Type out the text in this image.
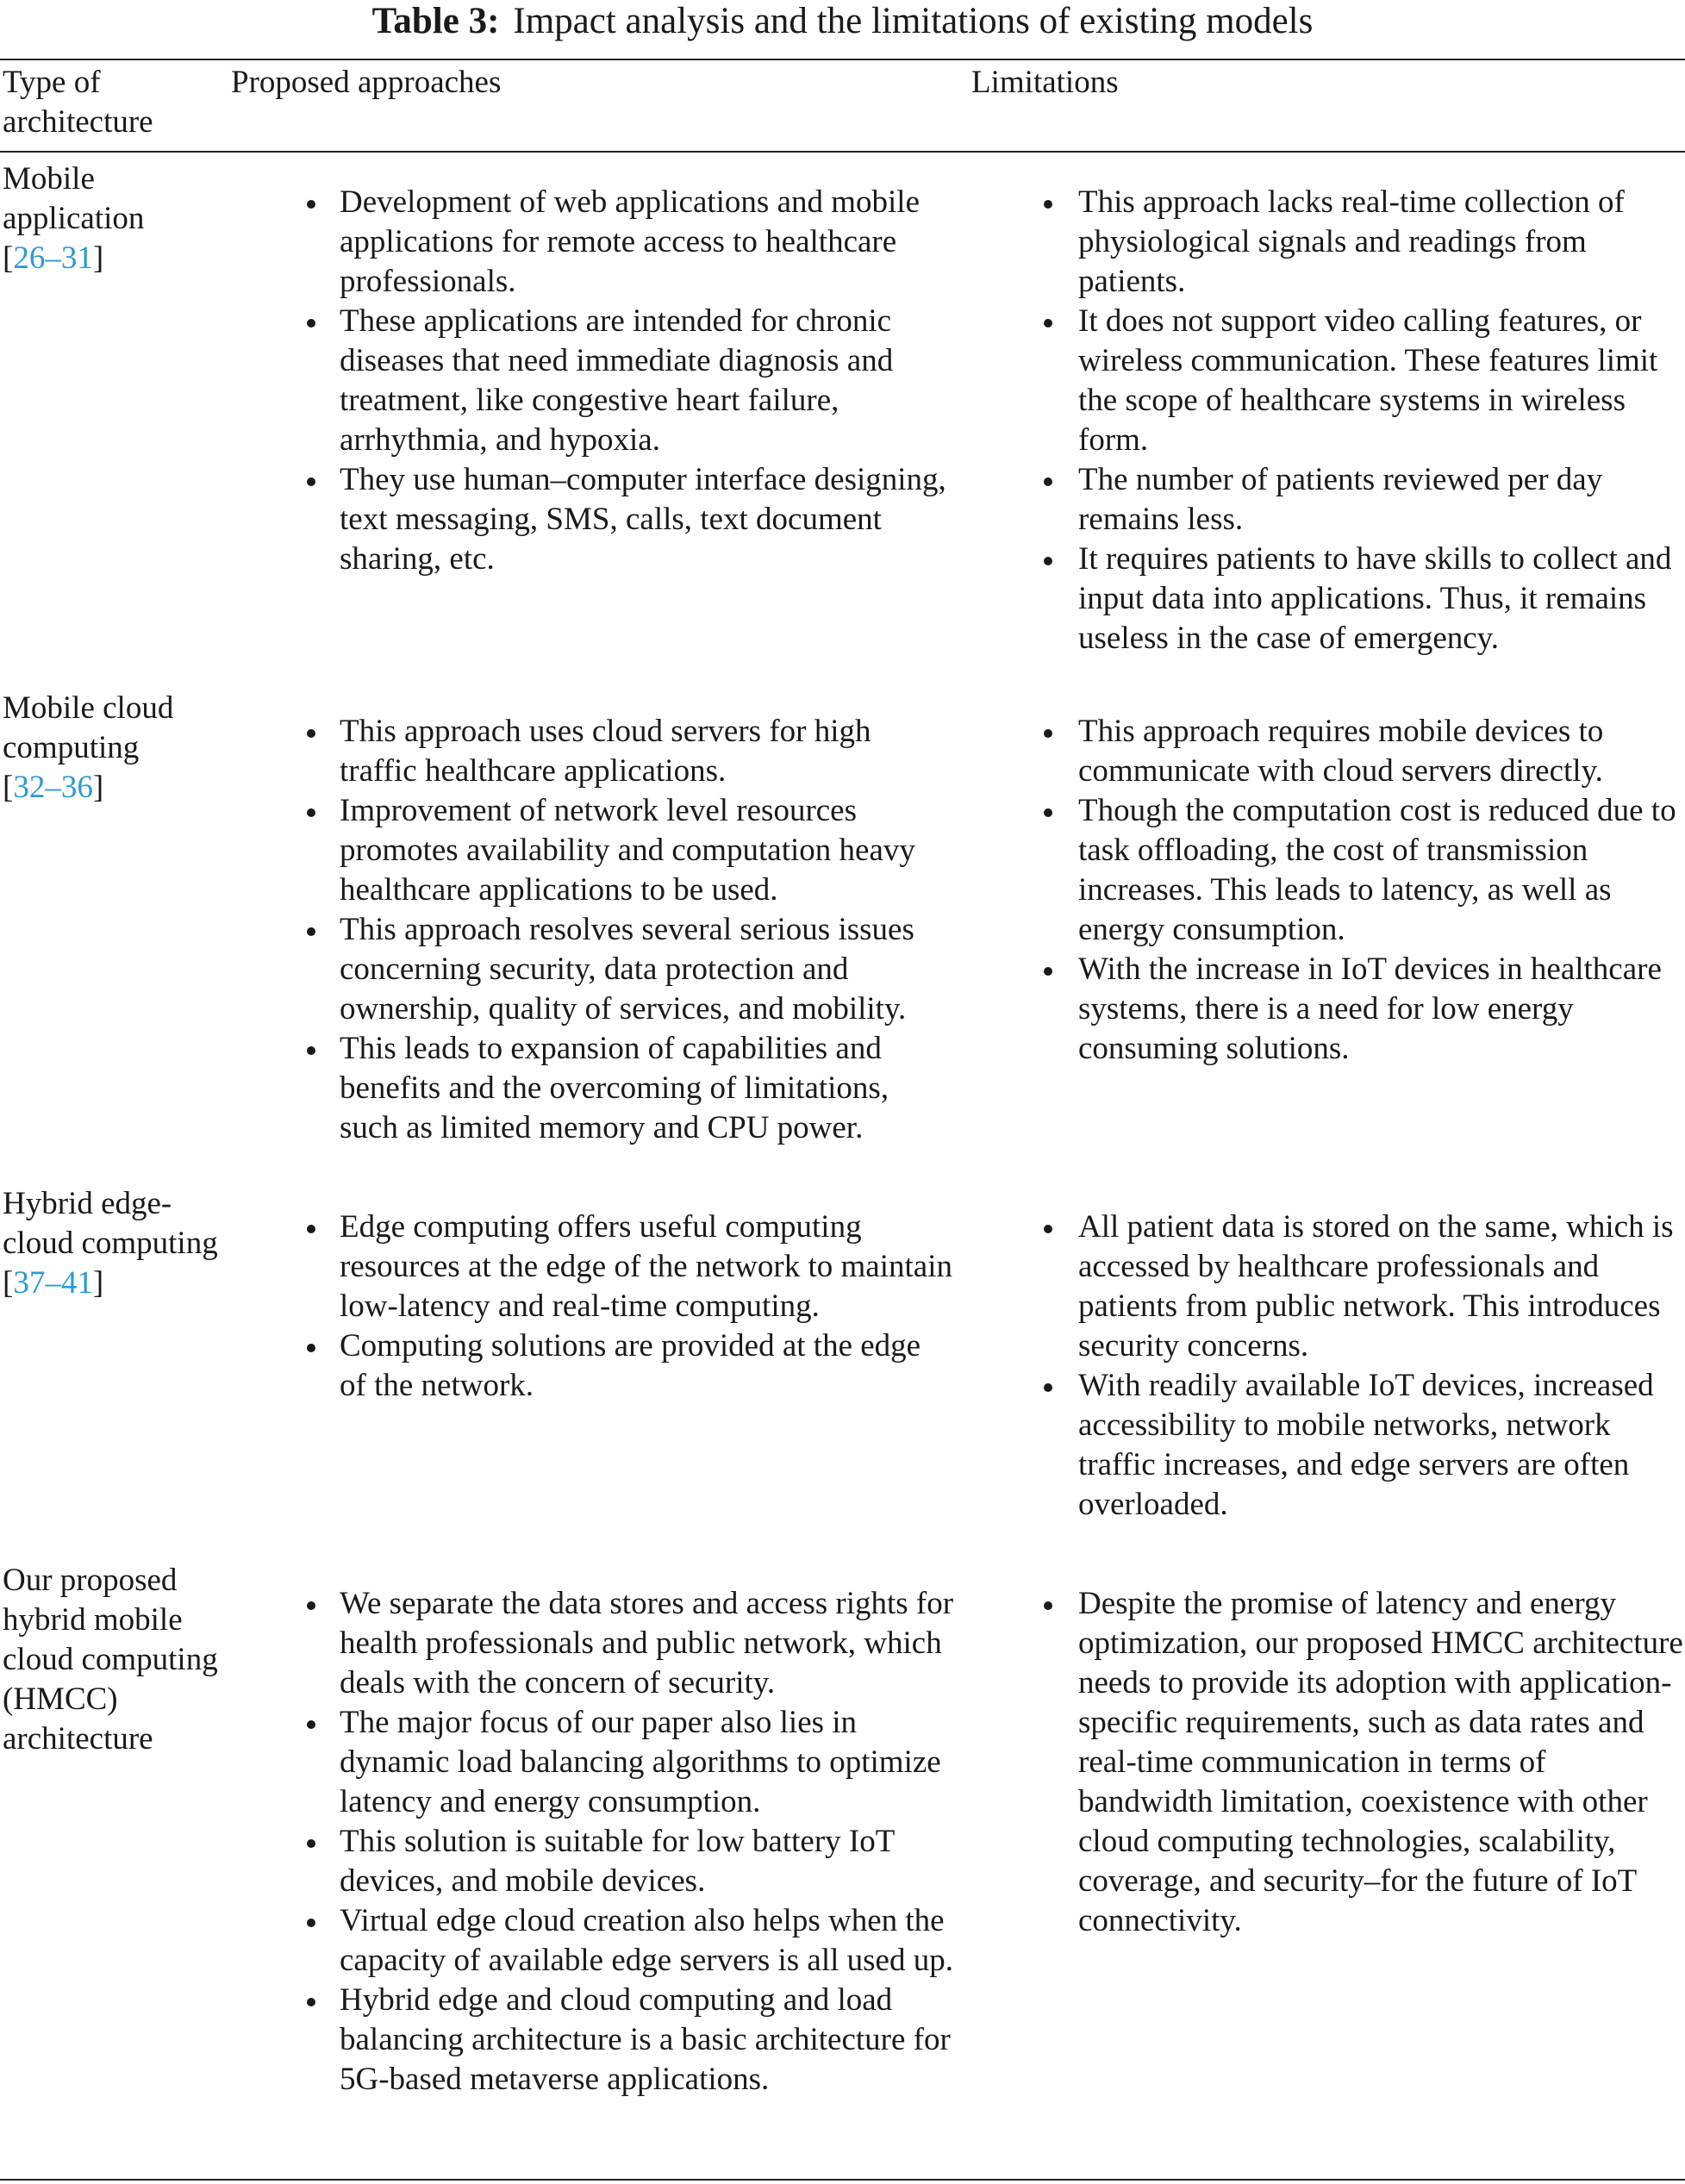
Table 3: Impact analysis and the limitations of existing models
Type of architecture
Proposed approaches	Limitations
Mobile application
[26–31]
Development of web applications and mobile applications for remote access to healthcare professionals.
These applications are intended for chronic diseases that need immediate diagnosis and treatment, like congestive heart failure, arrhythmia, and hypoxia.
They use human–computer interface designing, text messaging, SMS, calls, text document sharing, etc.
This approach lacks real-time collection of physiological signals and readings from patients.
It does not support video calling features, or wireless communication. These features limit the scope of healthcare systems in wireless form.
The number of patients reviewed per day remains less.
It requires patients to have skills to collect and input data into applications. Thus, it remains useless in the case of emergency.
Mobile cloud computing
[32–36]
This approach uses cloud servers for high traffic healthcare applications.
Improvement of network level resources promotes availability and computation heavy healthcare applications to be used.
This approach resolves several serious issues concerning security, data protection and ownership, quality of services, and mobility.
This leads to expansion of capabilities and benefits and the overcoming of limitations, such as limited memory and CPU power.
This approach requires mobile devices to communicate with cloud servers directly.
Though the computation cost is reduced due to task offloading, the cost of transmission increases. This leads to latency, as well as energy consumption.
With the increase in IoT devices in healthcare systems, there is a need for low energy consuming solutions.
Hybrid edge-cloud computing
[37–41]
Edge computing offers useful computing resources at the edge of the network to maintain low-latency and real-time computing.
Computing solutions are provided at the edge of the network.
All patient data is stored on the same, which is accessed by healthcare professionals and patients from public network. This introduces security concerns.
With readily available IoT devices, increased accessibility to mobile networks, network traffic increases, and edge servers are often overloaded.
Our proposed hybrid mobile cloud computing (HMCC) architecture
We separate the data stores and access rights for health professionals and public network, which deals with the concern of security.
The major focus of our paper also lies in dynamic load balancing algorithms to optimize latency and energy consumption.
This solution is suitable for low battery IoT devices, and mobile devices.
Virtual edge cloud creation also helps when the capacity of available edge servers is all used up.
Hybrid edge and cloud computing and load balancing architecture is a basic architecture for 5G-based metaverse applications.
Despite the promise of latency and energy optimization, our proposed HMCC architecture needs to provide its adoption with application-specific requirements, such as data rates and real-time communication in terms of bandwidth limitation, coexistence with other cloud computing technologies, scalability, coverage, and security–for the future of IoT connectivity.
